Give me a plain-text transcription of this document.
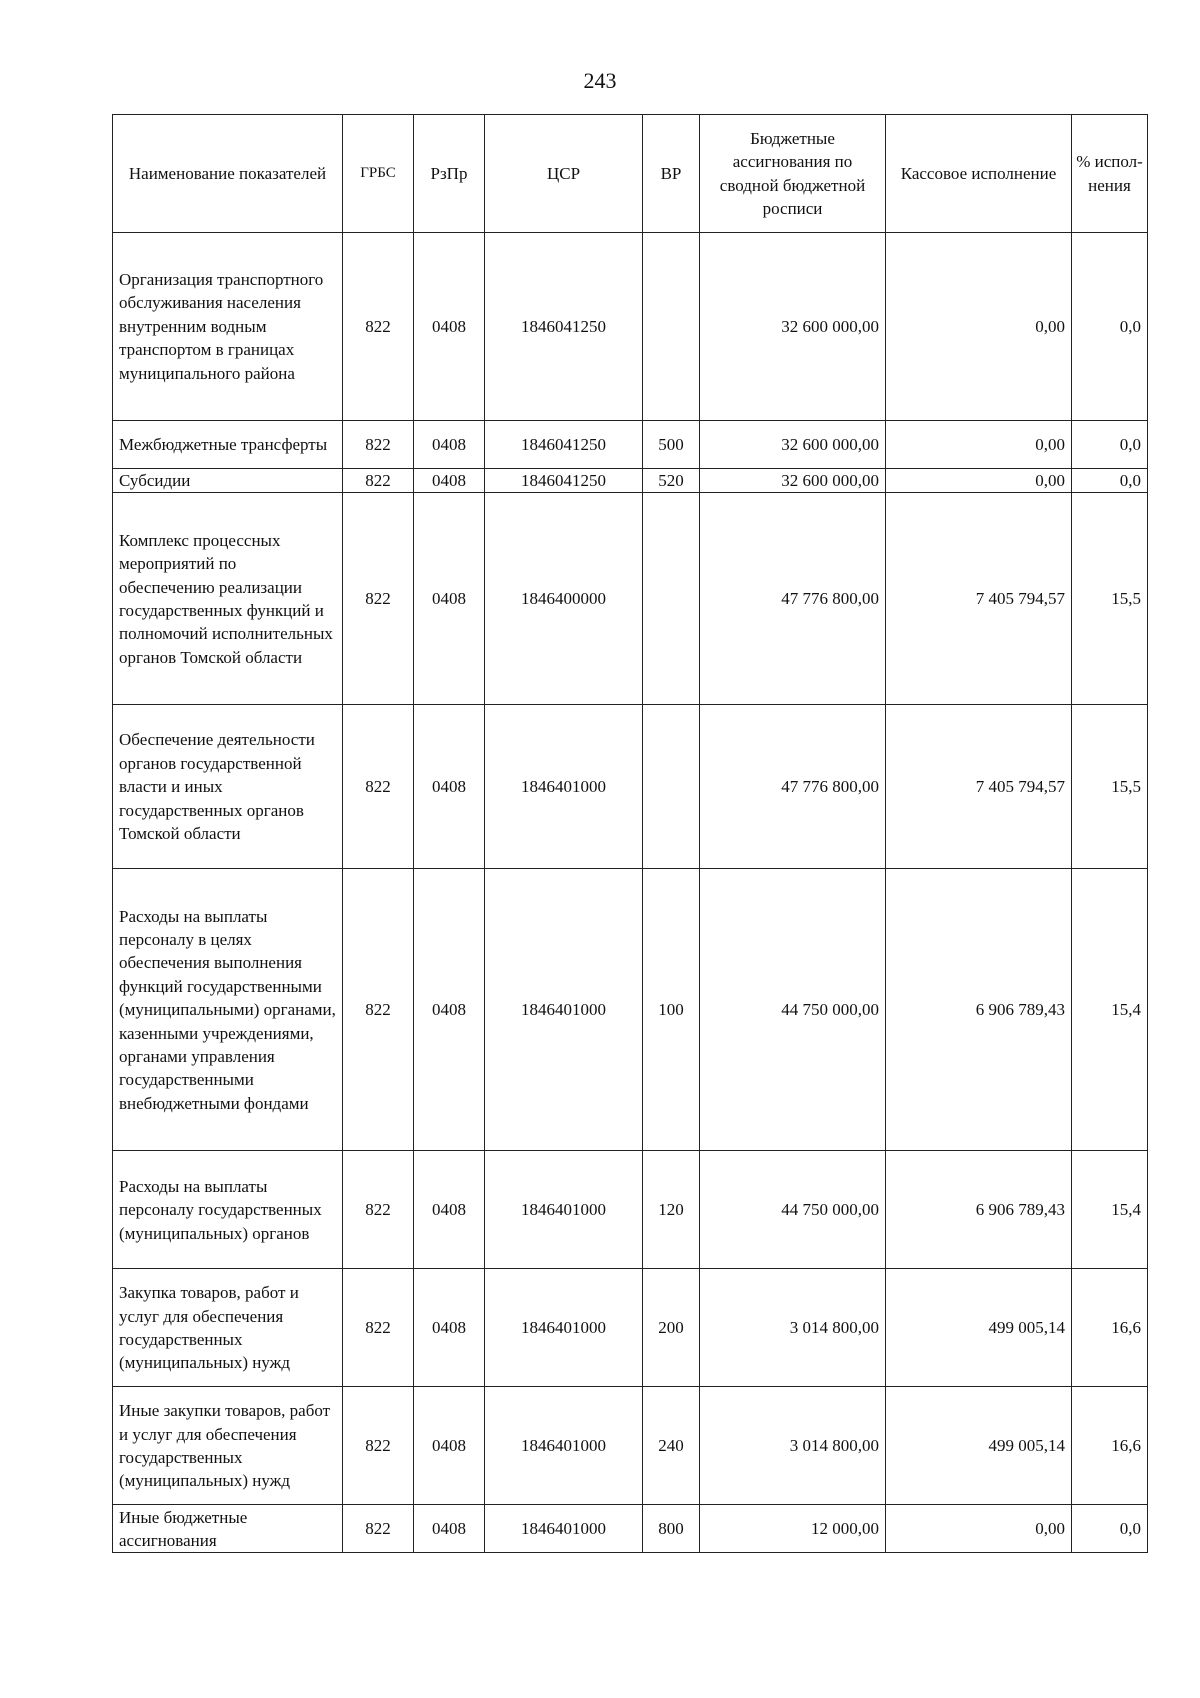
243
Наименование показателей	ГРБС	РзПр	ЦСР	ВР	Бюджетные ассигнования по сводной бюджетной росписи	Кассовое исполнение	% испол-нения
Организация транспортного обслуживания населения внутренним водным транспортом в границах муниципального района	822	0408	1846041250		32 600 000,00	0,00	0,0
Межбюджетные трансферты	822	0408	1846041250	500	32 600 000,00	0,00	0,0
Субсидии	822	0408	1846041250	520	32 600 000,00	0,00	0,0
Комплекс процессных мероприятий по обеспечению реализации государственных функций и полномочий исполнительных органов Томской области	822	0408	1846400000		47 776 800,00	7 405 794,57	15,5
Обеспечение деятельности органов государственной власти и иных государственных органов Томской области	822	0408	1846401000		47 776 800,00	7 405 794,57	15,5
Расходы на выплаты персоналу в целях обеспечения выполнения функций государственными (муниципальными) органами, казенными учреждениями, органами управления государственными внебюджетными фондами	822	0408	1846401000	100	44 750 000,00	6 906 789,43	15,4
Расходы на выплаты персоналу государственных (муниципальных) органов	822	0408	1846401000	120	44 750 000,00	6 906 789,43	15,4
Закупка товаров, работ и услуг для обеспечения государственных (муниципальных) нужд	822	0408	1846401000	200	3 014 800,00	499 005,14	16,6
Иные закупки товаров, работ и услуг для обеспечения государственных (муниципальных) нужд	822	0408	1846401000	240	3 014 800,00	499 005,14	16,6
Иные бюджетные ассигнования	822	0408	1846401000	800	12 000,00	0,00	0,0
